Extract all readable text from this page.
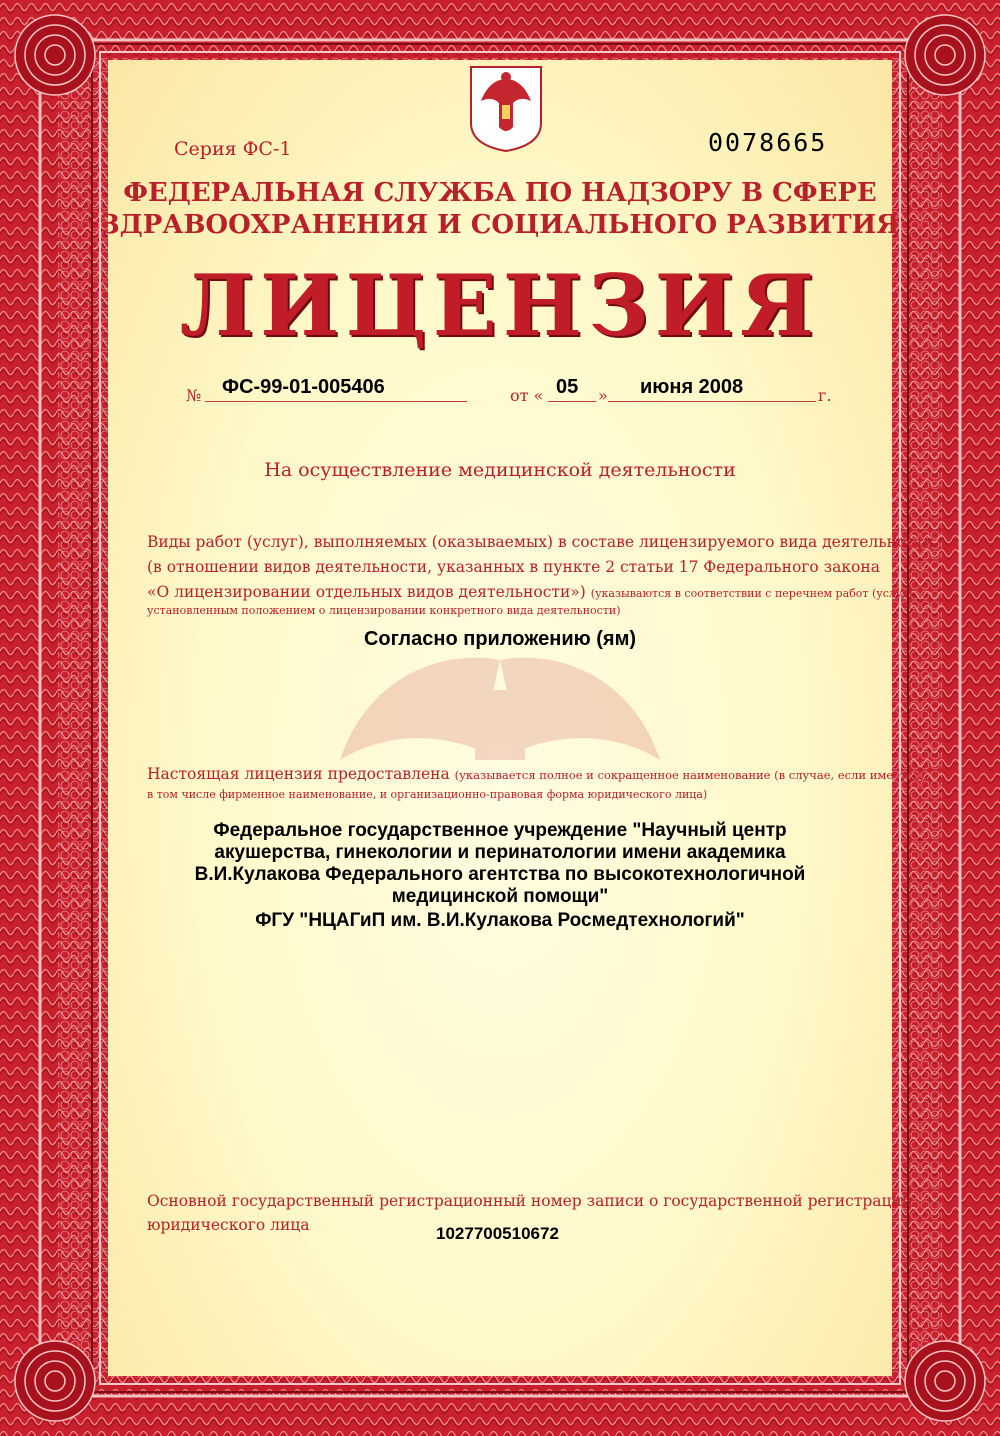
Серия ФС-1	0078665
ФЕДЕРАЛЬНАЯ СЛУЖБА ПО НАДЗОРУ В СФЕРЕ
ЗДРАВООХРАНЕНИЯ И СОЦИАЛЬНОГО РАЗВИТИЯ
ЛИЦЕНЗИЯ
№ ФС-99-01-005406	от « 05 » июня 2008	г.
На осуществление медицинской деятельности
Виды работ (услуг), выполняемых (оказываемых) в составе лицензируемого вида деятельности
(в отношении видов деятельности, указанных в пункте 2 статьи 17 Федерального закона
«О лицензировании отдельных видов деятельности») (указываются в соответствии с перечнем работ (услуг),
установленным положением о лицензировании конкретного вида деятельности)
Согласно приложению (ям)
Настоящая лицензия предоставлена (указывается полное и сокращенное наименование (в случае, если имеется),
в том числе фирменное наименование, и организационно-правовая форма юридического лица)
Федеральное государственное учреждение "Научный центр
акушерства, гинекологии и перинатологии имени академика
В.И.Кулакова Федерального агентства по высокотехнологичной
медицинской помощи"
ФГУ "НЦАГиП им. В.И.Кулакова Росмедтехнологий"
Основной государственный регистрационный номер записи о государственной регистрации
юридического лица	1027700510672
